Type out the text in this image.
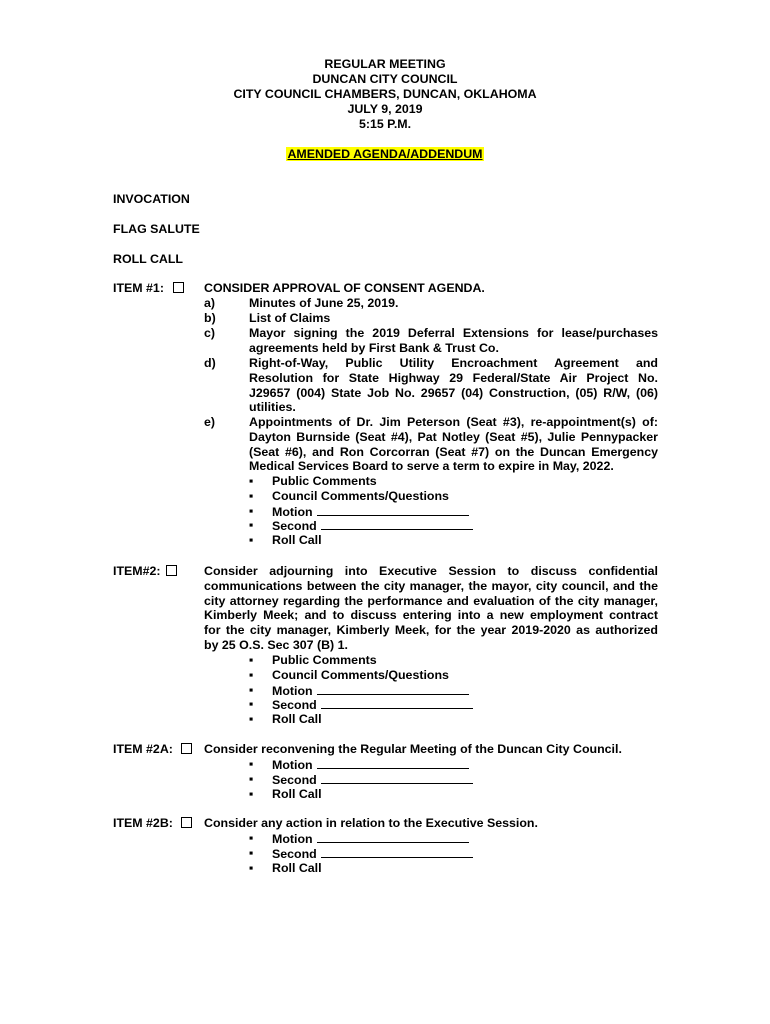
REGULAR MEETING
DUNCAN CITY COUNCIL
CITY COUNCIL CHAMBERS, DUNCAN, OKLAHOMA
JULY 9, 2019
5:15 P.M.
AMENDED AGENDA/ADDENDUM
INVOCATION
FLAG SALUTE
ROLL CALL
ITEM #1:	CONSIDER APPROVAL OF CONSENT AGENDA.
a)	Minutes of June 25, 2019.
b)	List of Claims
c)	Mayor signing the 2019 Deferral Extensions for lease/purchases
agreements held by First Bank & Trust Co.
d)	Right-of-Way, Public Utility Encroachment Agreement and
Resolution for State Highway 29 Federal/State Air Project No.
J29657 (004) State Job No. 29657 (04) Construction, (05) R/W, (06)
utilities.
e)	Appointments of Dr. Jim Peterson (Seat #3), re-appointment(s) of:
Dayton Burnside (Seat #4), Pat Notley (Seat #5), Julie Pennypacker
(Seat #6), and Ron Corcorran (Seat #7) on the Duncan Emergency
Medical Services Board to serve a term to expire in May, 2022.
▪ Public Comments
▪ Council Comments/Questions
▪ Motion
▪ Second
▪ Roll Call
ITEM#2:	Consider adjourning into Executive Session to discuss confidential
communications between the city manager, the mayor, city council, and the
city attorney regarding the performance and evaluation of the city manager,
Kimberly Meek; and to discuss entering into a new employment contract
for the city manager, Kimberly Meek, for the year 2019-2020 as authorized
by 25 O.S. Sec 307 (B) 1.
▪ Public Comments
▪ Council Comments/Questions
▪ Motion
▪ Second
▪ Roll Call
ITEM #2A:	Consider reconvening the Regular Meeting of the Duncan City Council.
▪ Motion
▪ Second
▪ Roll Call
ITEM #2B:	Consider any action in relation to the Executive Session.
▪ Motion
▪ Second
▪ Roll Call
